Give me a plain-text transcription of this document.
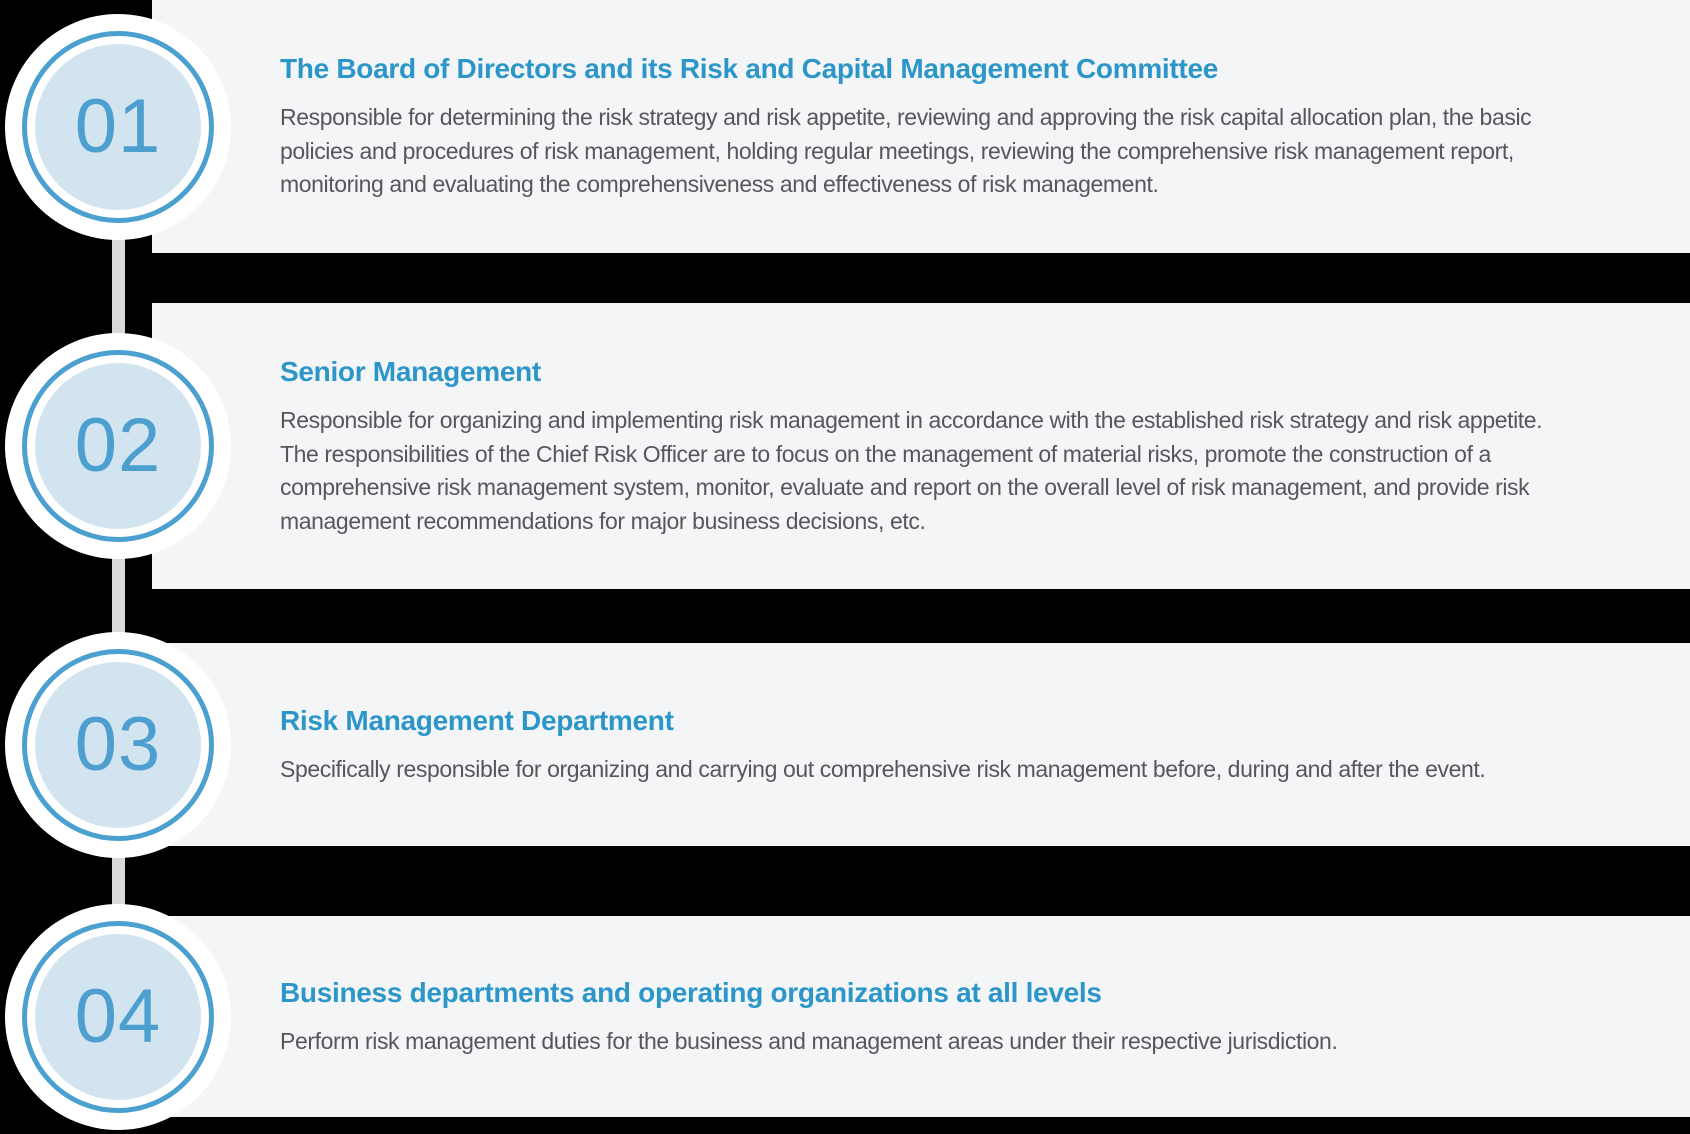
The Board of Directors and its Risk and Capital Management Committee

Responsible for determining the risk strategy and risk appetite, reviewing and approving the risk capital allocation plan, the basic policies and procedures of risk management, holding regular meetings, reviewing the comprehensive risk management report, monitoring and evaluating the comprehensiveness and effectiveness of risk management.

Senior Management

Responsible for organizing and implementing risk management in accordance with the established risk strategy and risk appetite. The responsibilities of the Chief Risk Officer are to focus on the management of material risks, promote the construction of a comprehensive risk management system, monitor, evaluate and report on the overall level of risk management, and provide risk management recommendations for major business decisions, etc.

Risk Management Department

Specifically responsible for organizing and carrying out comprehensive risk management before, during and after the event.

Business departments and operating organizations at all levels

Perform risk management duties for the business and management areas under their respective jurisdiction.

01
02
03
04
